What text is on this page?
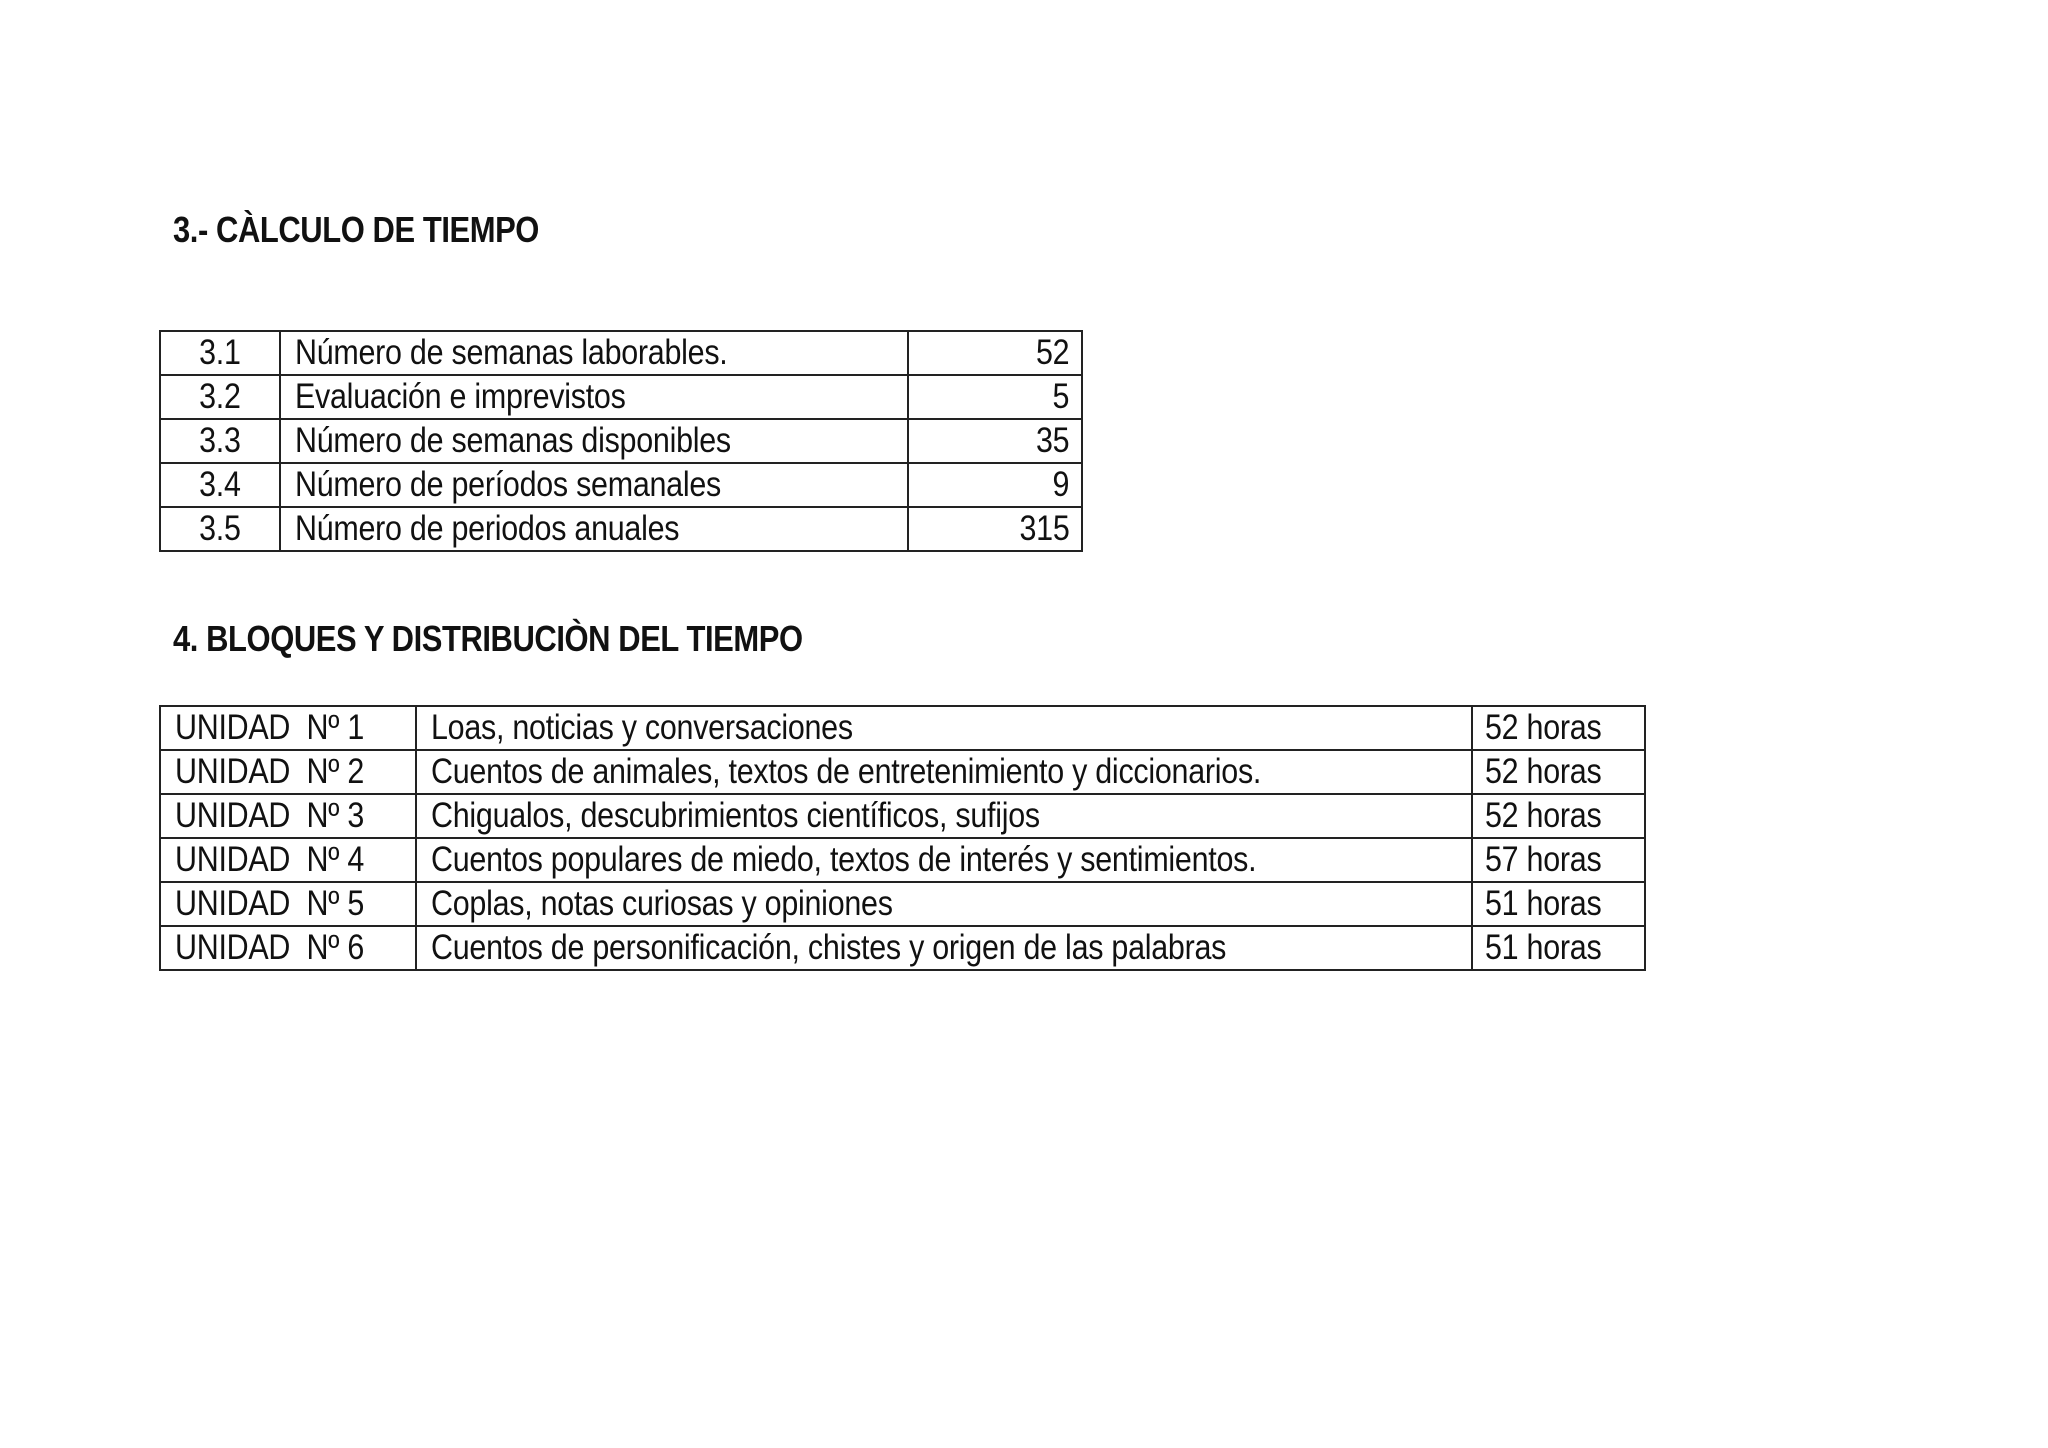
3.- CÀLCULO DE TIEMPO
3.1	Número de semanas laborables.	52
3.2	Evaluación e imprevistos	5
3.3	Número de semanas disponibles	35
3.4	Número de períodos semanales	9
3.5	Número de periodos anuales	315
4. BLOQUES Y DISTRIBUCIÒN DEL TIEMPO
UNIDAD  Nº 1	Loas, noticias y conversaciones	52 horas
UNIDAD  Nº 2	Cuentos de animales, textos de entretenimiento y diccionarios.	52 horas
UNIDAD  Nº 3	Chigualos, descubrimientos científicos, sufijos	52 horas
UNIDAD  Nº 4	Cuentos populares de miedo, textos de interés y sentimientos.	57 horas
UNIDAD  Nº 5	Coplas, notas curiosas y opiniones	51 horas
UNIDAD  Nº 6	Cuentos de personificación, chistes y origen de las palabras	51 horas
